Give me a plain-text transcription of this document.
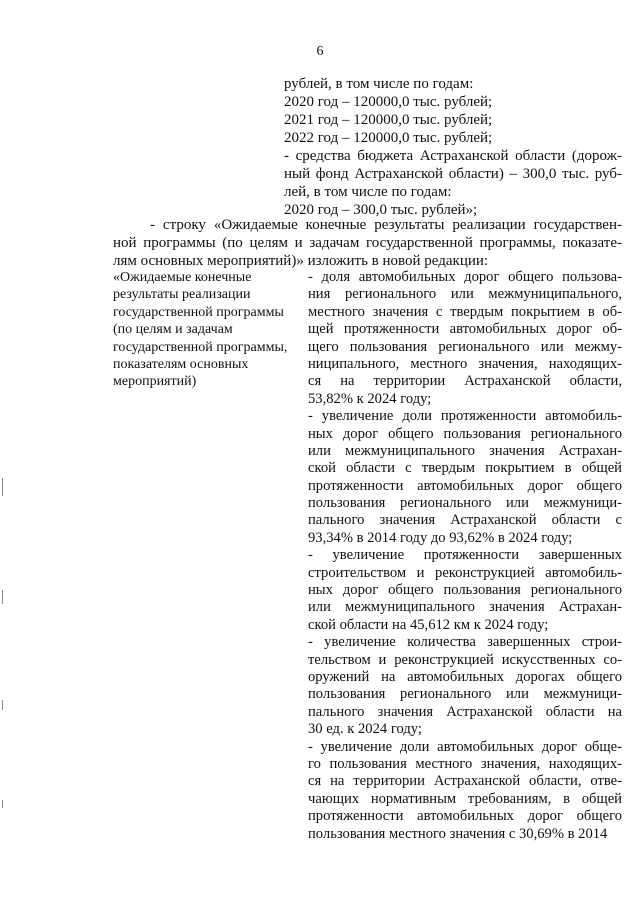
6
рублей, в том числе по годам:
2020 год – 120000,0 тыс. рублей;
2021 год – 120000,0 тыс. рублей;
2022 год – 120000,0 тыс. рублей;
- средства бюджета Астраханской области (дорож-
ный фонд Астраханской области) – 300,0 тыс. руб-
лей, в том числе по годам:
2020 год – 300,0 тыс. рублей»;
- строку «Ожидаемые конечные результаты реализации государствен-
ной программы (по целям и задачам государственной программы, показате-
лям основных мероприятий)» изложить в новой редакции:
«Ожидаемые конечные результаты реализации государственной программы (по целям и задачам государственной программы, показателям основных мероприятий)
- доля автомобильных дорог общего пользова-
ния регионального или межмуниципального,
местного значения с твердым покрытием в об-
щей протяженности автомобильных дорог об-
щего пользования регионального или межму-
ниципального, местного значения, находящих-
ся на территории Астраханской области,
53,82% к 2024 году;
- увеличение доли протяженности автомобиль-
ных дорог общего пользования регионального
или межмуниципального значения Астрахан-
ской области с твердым покрытием в общей
протяженности автомобильных дорог общего
пользования регионального или межмуници-
пального значения Астраханской области с
93,34% в 2014 году до 93,62% в 2024 году;
- увеличение протяженности завершенных
строительством и реконструкцией автомобиль-
ных дорог общего пользования регионального
или межмуниципального значения Астрахан-
ской области на 45,612 км к 2024 году;
- увеличение количества завершенных строи-
тельством и реконструкцией искусственных со-
оружений на автомобильных дорогах общего
пользования регионального или межмуници-
пального значения Астраханской области на
30 ед. к 2024 году;
- увеличение доли автомобильных дорог обще-
го пользования местного значения, находящих-
ся на территории Астраханской области, отве-
чающих нормативным требованиям, в общей
протяженности автомобильных дорог общего
пользования местного значения с 30,69% в 2014
